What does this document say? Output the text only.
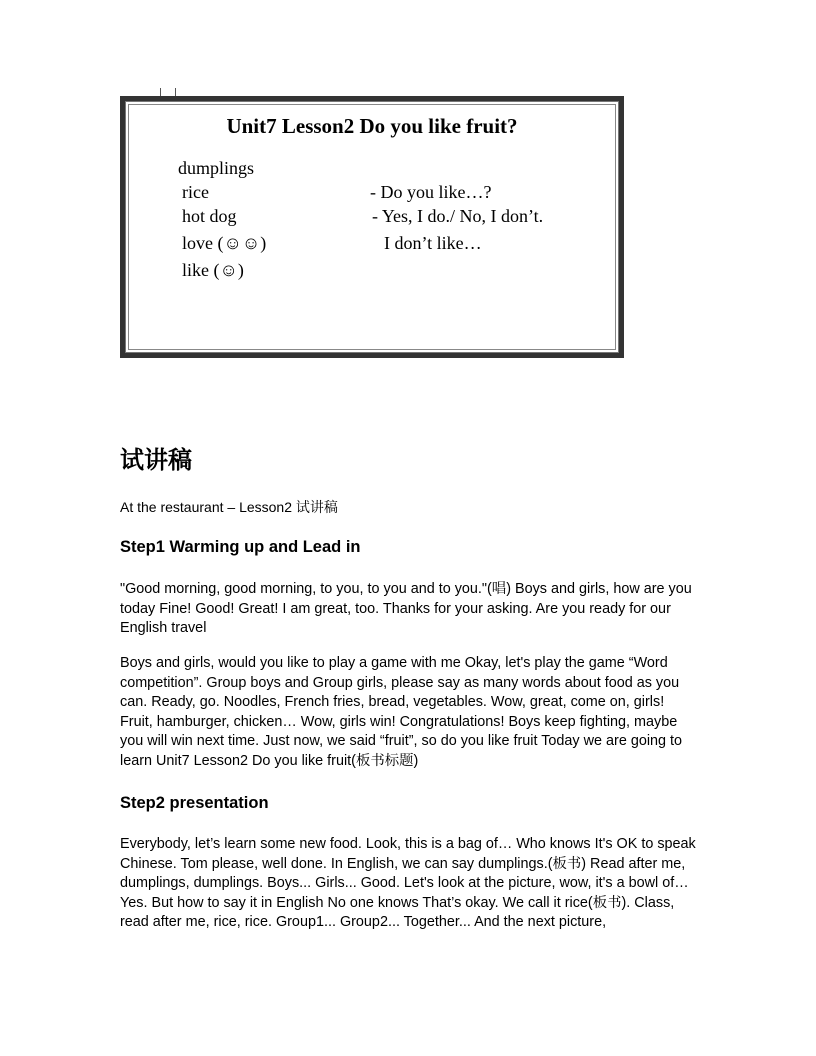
Unit7 Lesson2 Do you like fruit?
dumplings
rice
hot dog
love (☺☺)
like (☺)
- Do you like…?
- Yes, I do./ No, I don’t.
I don’t like…
试讲稿
At the restaurant – Lesson2 试讲稿
Step1 Warming up and Lead in
"Good morning, good morning, to you, to you and to you."(唱) Boys and girls, how are you today Fine! Good! Great! I am great, too. Thanks for your asking. Are you ready for our English travel
Boys and girls, would you like to play a game with me Okay, let's play the game “Word competition”. Group boys and Group girls, please say as many words about food as you can. Ready, go. Noodles, French fries, bread, vegetables. Wow, great, come on, girls! Fruit, hamburger, chicken… Wow, girls win! Congratulations! Boys keep fighting, maybe you will win next time. Just now, we said “fruit”, so do you like fruit Today we are going to learn Unit7 Lesson2 Do you like fruit(板书标题)
Step2 presentation
Everybody, let’s learn some new food. Look, this is a bag of… Who knows It's OK to speak Chinese. Tom please, well done. In English, we can say dumplings.(板书) Read after me, dumplings, dumplings. Boys... Girls... Good. Let's look at the picture, wow, it's a bowl of… Yes. But how to say it in English No one knows That’s okay. We call it rice(板书). Class, read after me, rice, rice. Group1... Group2... Together... And the next picture,
